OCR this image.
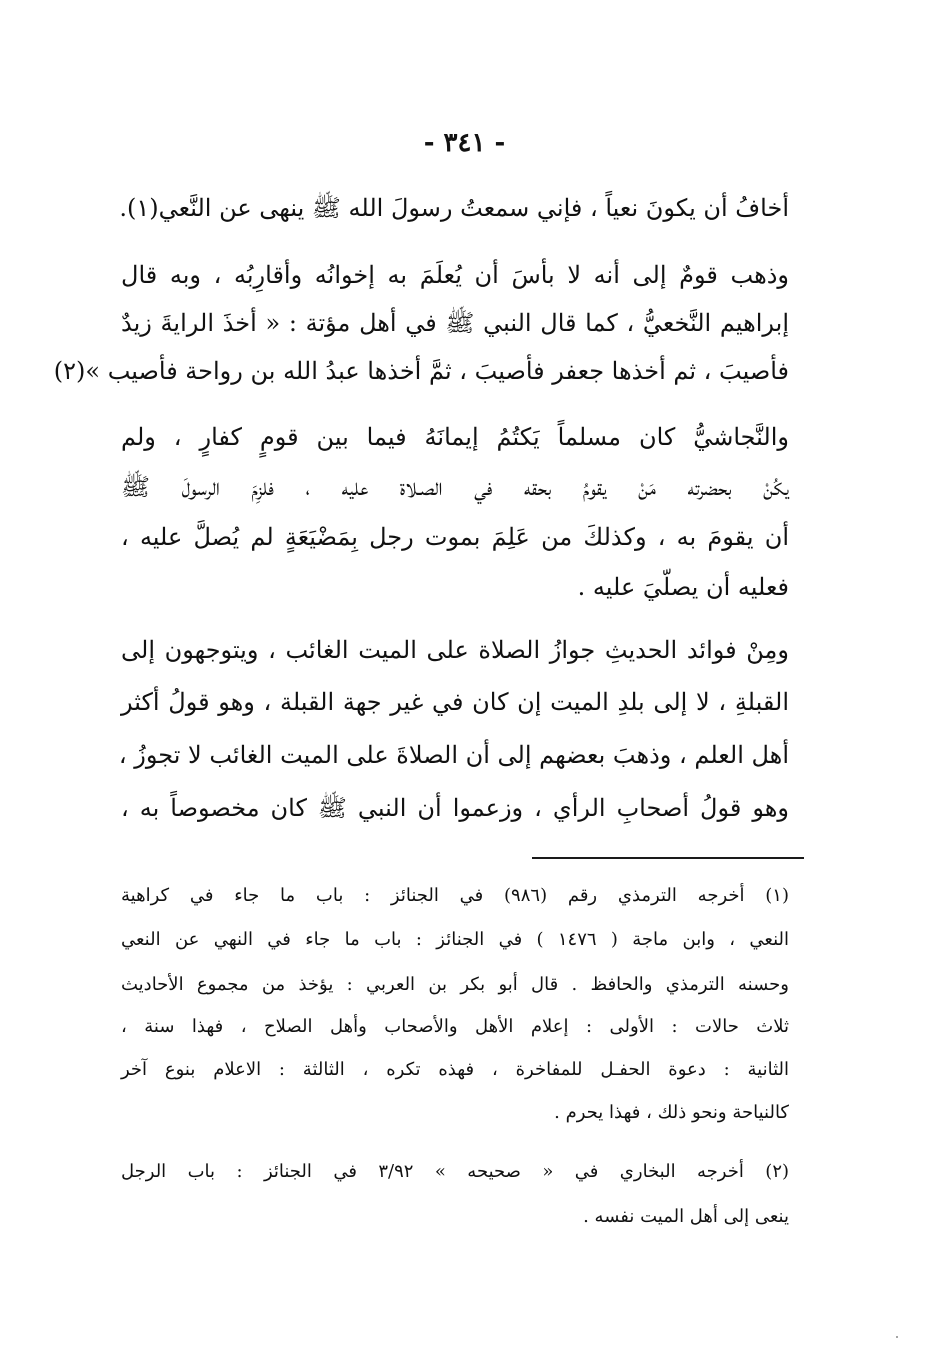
- ٣٤١ -
أخافُ أن يكونَ نعياً ، فإني سمعتُ رسولَ الله ﷺ ينهى عن النَّعي(١).
وذهب قومٌ إلى أنه لا بأسَ أن يُعلَمَ به إخوانُه وأقارِبُه ، وبه قال
إبراهيم النَّخعيُّ ، كما قال النبي ﷺ في أهل مؤتة : « أخذَ الرايةَ زيدٌ
فأصيبَ ، ثم أخذها جعفر فأصيبَ ، ثمَّ أخذها عبدُ الله بن رواحة فأصيب »(٢)
والنَّجاشيُّ كان مسلماً يَكتُمُ إيمانَهُ فيما بين قومٍ كفارٍ ، ولم
يكُنْ بحضرته مَنْ يقومُ بحقه في الصـلاة عليه ، فلزِمَ الرسولَ ﷺ
أن يقومَ به ، وكذلكَ من عَلِمَ بموت رجل بِمَضْيَعَةٍ لم يُصلَّ عليه ،
فعليه أن يصلّيَ عليه .
ومِنْ فوائد الحديثِ جوازُ الصلاة على الميت الغائب ، ويتوجهون إلى
القبلةِ ، لا إلى بلدِ الميت إن كان في غير جهة القبلة ، وهو قولُ أكثر
أهل العلم ، وذهبَ بعضهم إلى أن الصلاةَ على الميت الغائب لا تجوزُ ،
وهو قولُ أصحابِ الرأي ، وزعموا أن النبي ﷺ كان مخصوصاً به ،
(١) أخرجه الترمذي رقم (٩٨٦) في الجنائز : باب ما جاء في كراهية
النعي ، وابن ماجة ( ١٤٧٦ ) في الجنائز : باب ما جاء في النهي عن النعي
وحسنه الترمذي والحافظ . قال أبو بكر بن العربي : يؤخذ من مجموع الأحاديث
ثلاث حالات : الأولى : إعلام الأهل والأصحاب وأهل الصلاح ، فهذا سنة ،
الثانية : دعوة الحفـل للمفاخرة ، فهذه تكره ، الثالثة : الاعلام بنوع آخر
كالنياحة ونحو ذلك ، فهذا يحرم .
(٢) أخرجه البخاري في « صحيحه » ٣/٩٢ في الجنائز : باب الرجل
ينعى إلى أهل الميت نفسه .
